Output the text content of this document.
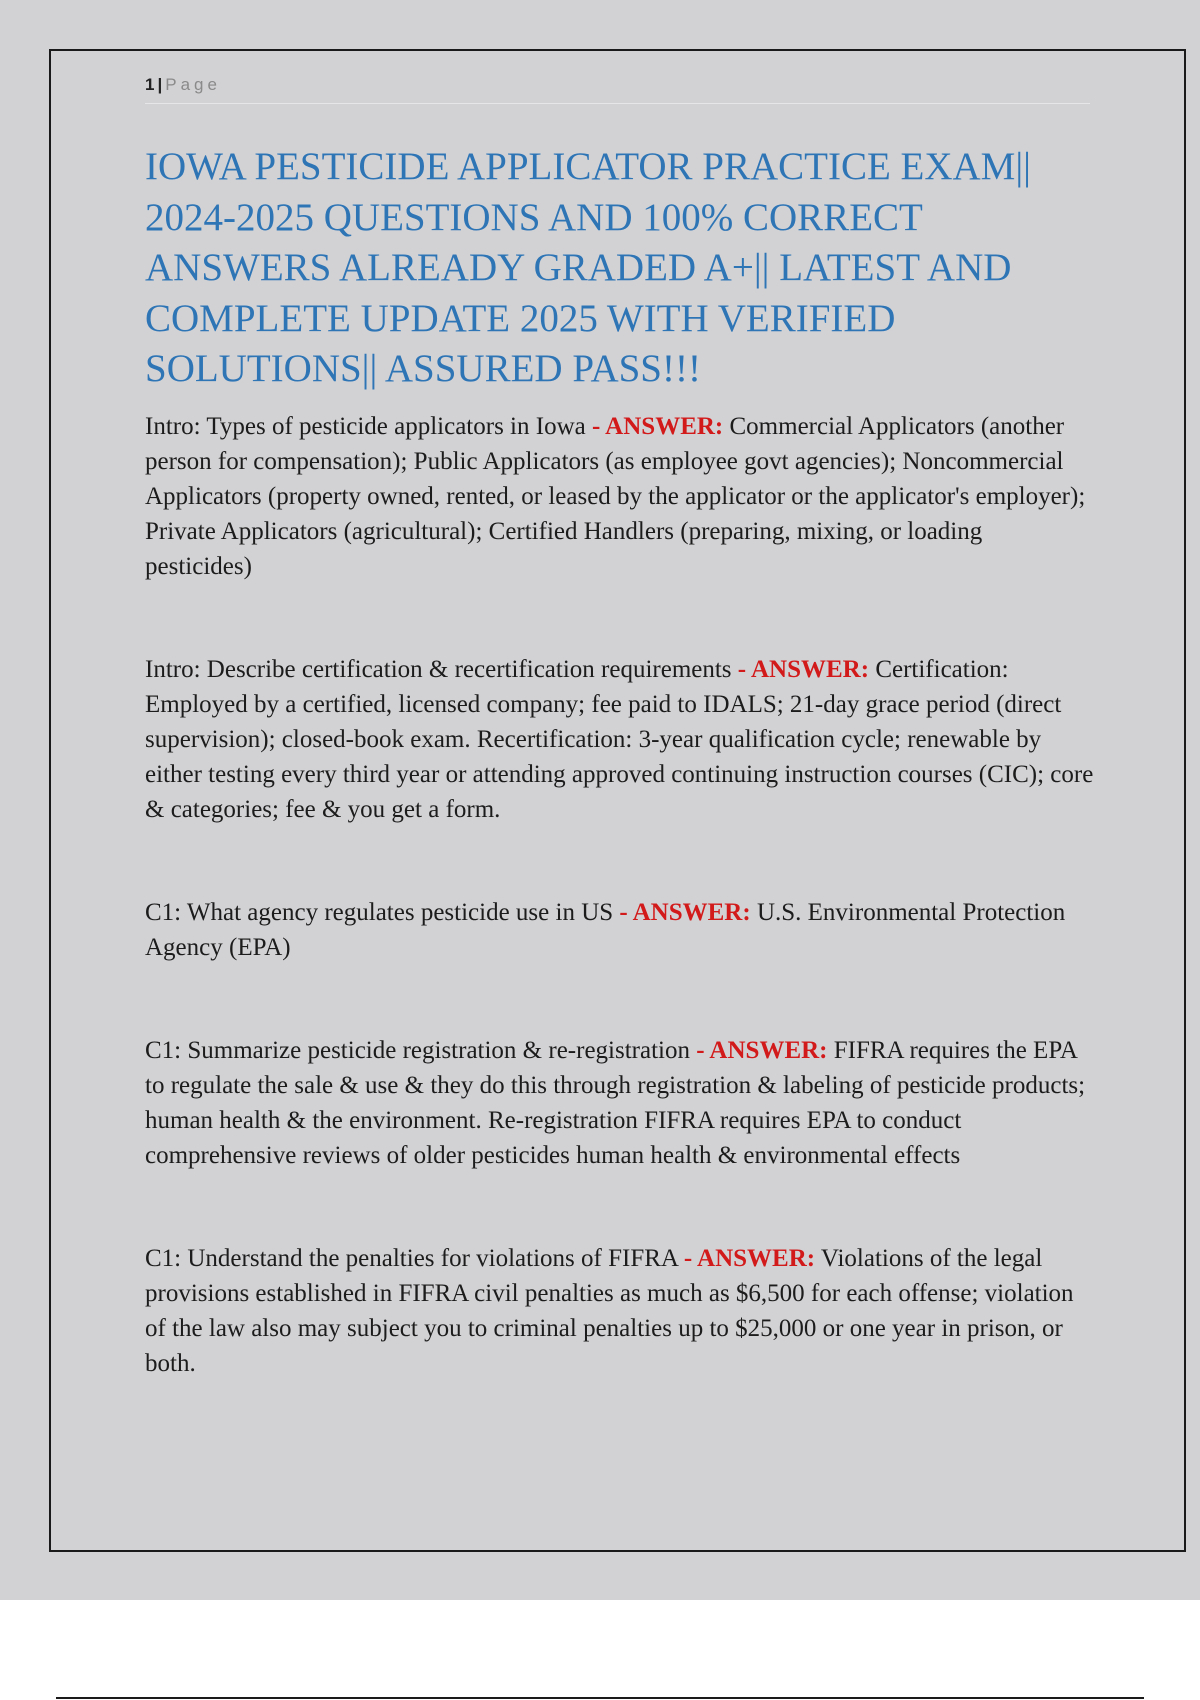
1 | Page
IOWA PESTICIDE APPLICATOR PRACTICE EXAM|| 2024-2025 QUESTIONS AND 100% CORRECT ANSWERS ALREADY GRADED A+|| LATEST AND COMPLETE UPDATE 2025 WITH VERIFIED SOLUTIONS|| ASSURED PASS!!!

Intro: Types of pesticide applicators in Iowa - ANSWER: Commercial Applicators (another person for compensation); Public Applicators (as employee govt agencies); Noncommercial Applicators (property owned, rented, or leased by the applicator or the applicator's employer); Private Applicators (agricultural); Certified Handlers (preparing, mixing, or loading pesticides)

Intro: Describe certification & recertification requirements - ANSWER: Certification: Employed by a certified, licensed company; fee paid to IDALS; 21-day grace period (direct supervision); closed-book exam. Recertification: 3-year qualification cycle; renewable by either testing every third year or attending approved continuing instruction courses (CIC); core & categories; fee & you get a form.

C1: What agency regulates pesticide use in US - ANSWER: U.S. Environmental Protection Agency (EPA)

C1: Summarize pesticide registration & re-registration - ANSWER: FIFRA requires the EPA to regulate the sale & use & they do this through registration & labeling of pesticide products; human health & the environment. Re-registration FIFRA requires EPA to conduct comprehensive reviews of older pesticides human health & environmental effects

C1: Understand the penalties for violations of FIFRA - ANSWER: Violations of the legal provisions established in FIFRA civil penalties as much as $6,500 for each offense; violation of the law also may subject you to criminal penalties up to $25,000 or one year in prison, or both.
